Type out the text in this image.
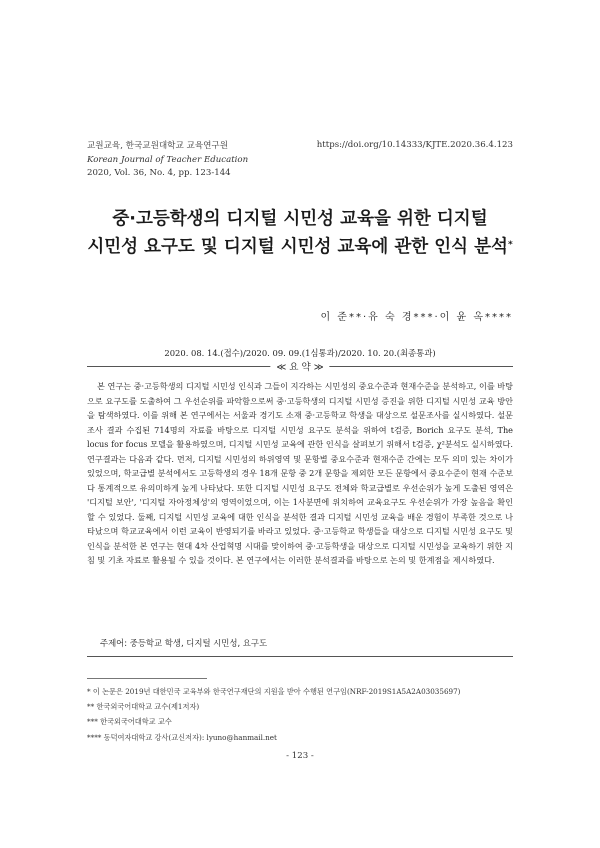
교원교육, 한국교원대학교 교육연구원
Korean Journal of Teacher Education
2020, Vol. 36, No. 4, pp. 123-144
https://doi.org/10.14333/KJTE.2020.36.4.123
중·고등학생의 디지털 시민성 교육을 위한 디지털
시민성 요구도 및 디지털 시민성 교육에 관한 인식 분석*
이 준**·유 숙 경***·이 윤 옥****
2020. 08. 14.(접수)/2020. 09. 09.(1심통과)/2020. 10. 20.(최종통과)
≪ 요 약 ≫

본 연구는 중·고등학생의 디지털 시민성 인식과 그들이 지각하는 시민성의 중요수준과 현재수준을 분석하고, 이를 바탕으로 요구도를 도출하여 그 우선순위를 파악함으로써 중·고등학생의 디지털 시민성 증진을 위한 디지털 시민성 교육 방안을 탐색하였다. 이를 위해 본 연구에서는 서울과 경기도 소재 중·고등학교 학생을 대상으로 설문조사를 실시하였다. 설문조사 결과 수집된 714명의 자료를 바탕으로 디지털 시민성 요구도 분석을 위하여 t검증, Borich 요구도 분석, The locus for focus 모델을 활용하였으며, 디지털 시민성 교육에 관한 인식을 살펴보기 위해서 t검증, χ²분석도 실시하였다. 연구결과는 다음과 같다. 먼저, 디지털 시민성의 하위영역 및 문항별 중요수준과 현재수준 간에는 모두 의미 있는 차이가 있었으며, 학교급별 분석에서도 고등학생의 경우 18개 문항 중 2개 문항을 제외한 모든 문항에서 중요수준이 현재 수준보다 통계적으로 유의미하게 높게 나타났다. 또한 디지털 시민성 요구도 전체와 학교급별로 우선순위가 높게 도출된 영역은 '디지털 보안', '디지털 자아정체성'의 영역이었으며, 이는 1사분면에 위치하여 교육요구도 우선순위가 가장 높음을 확인할 수 있었다. 둘째, 디지털 시민성 교육에 대한 인식을 분석한 결과 디지털 시민성 교육을 배운 경험이 부족한 것으로 나타났으며 학교교육에서 이런 교육이 반영되기를 바라고 있었다. 중·고등학교 학생들을 대상으로 디지털 시민성 요구도 및 인식을 분석한 본 연구는 현대 4차 산업혁명 시대를 맞이하여 중·고등학생을 대상으로 디지털 시민성을 교육하기 위한 지침 및 기초 자료로 활용될 수 있을 것이다. 본 연구에서는 이러한 분석결과를 바탕으로 논의 및 한계점을 제시하였다.

주제어: 중등학교 학생, 디지털 시민성, 요구도
* 이 논문은 2019년 대한민국 교육부와 한국연구재단의 지원을 받아 수행된 연구임(NRF-2019S1A5A2A03035697)
** 한국외국어대학교 교수(제1저자)
*** 한국외국어대학교 교수
**** 동덕여자대학교 강사(교신저자): lyuno@hanmail.net
- 123 -
